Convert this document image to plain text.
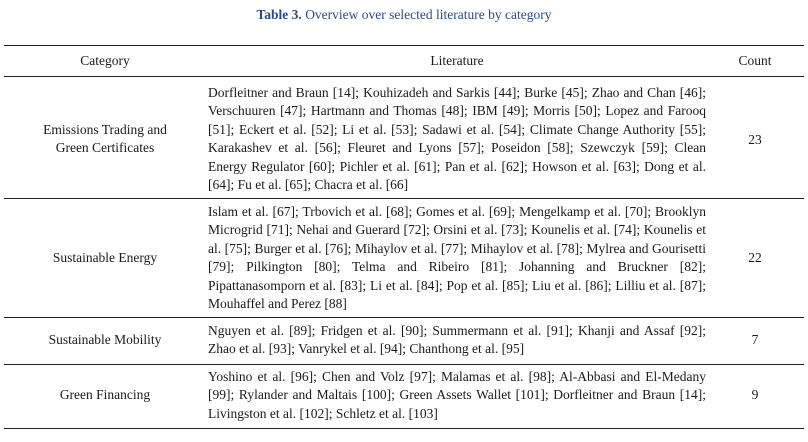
Table 3. Overview over selected literature by category
Category	Literature	Count
Emissions Trading and
Green Certificates
Dorfleitner and Braun [14]; Kouhizadeh and Sarkis [44]; Burke [45]; Zhao and Chan [46]; Verschuuren [47]; Hartmann and Thomas [48]; IBM [49]; Morris [50]; Lopez and Farooq [51]; Eckert et al. [52]; Li et al. [53]; Sadawi et al. [54]; Climate Change Authority [55]; Karakashev et al. [56]; Fleuret and Lyons [57]; Poseidon [58]; Szewczyk [59]; Clean Energy Regulator [60]; Pichler et al. [61]; Pan et al. [62]; Howson et al. [63]; Dong et al. [64]; Fu et al. [65]; Chacra et al. [66]
23
Sustainable Energy
Islam et al. [67]; Trbovich et al. [68]; Gomes et al. [69]; Mengelkamp et al. [70]; Brooklyn Microgrid [71]; Nehai and Guerard [72]; Orsini et al. [73]; Kounelis et al. [74]; Kounelis et al. [75]; Burger et al. [76]; Mihaylov et al. [77]; Mihaylov et al. [78]; Mylrea and Gourisetti [79]; Pilkington [80]; Telma and Ribeiro [81]; Johanning and Bruckner [82]; Pipattanasomporn et al. [83]; Li et al. [84]; Pop et al. [85]; Liu et al. [86]; Lilliu et al. [87]; Mouhaffel and Perez [88]
22
Sustainable Mobility
Nguyen et al. [89]; Fridgen et al. [90]; Summermann et al. [91]; Khanji and Assaf [92]; Zhao et al. [93]; Vanrykel et al. [94]; Chanthong et al. [95]
7
Green Financing
Yoshino et al. [96]; Chen and Volz [97]; Malamas et al. [98]; Al-Abbasi and El-Medany [99]; Rylander and Maltais [100]; Green Assets Wallet [101]; Dorfleitner and Braun [14]; Livingston et al. [102]; Schletz et al. [103]
9
